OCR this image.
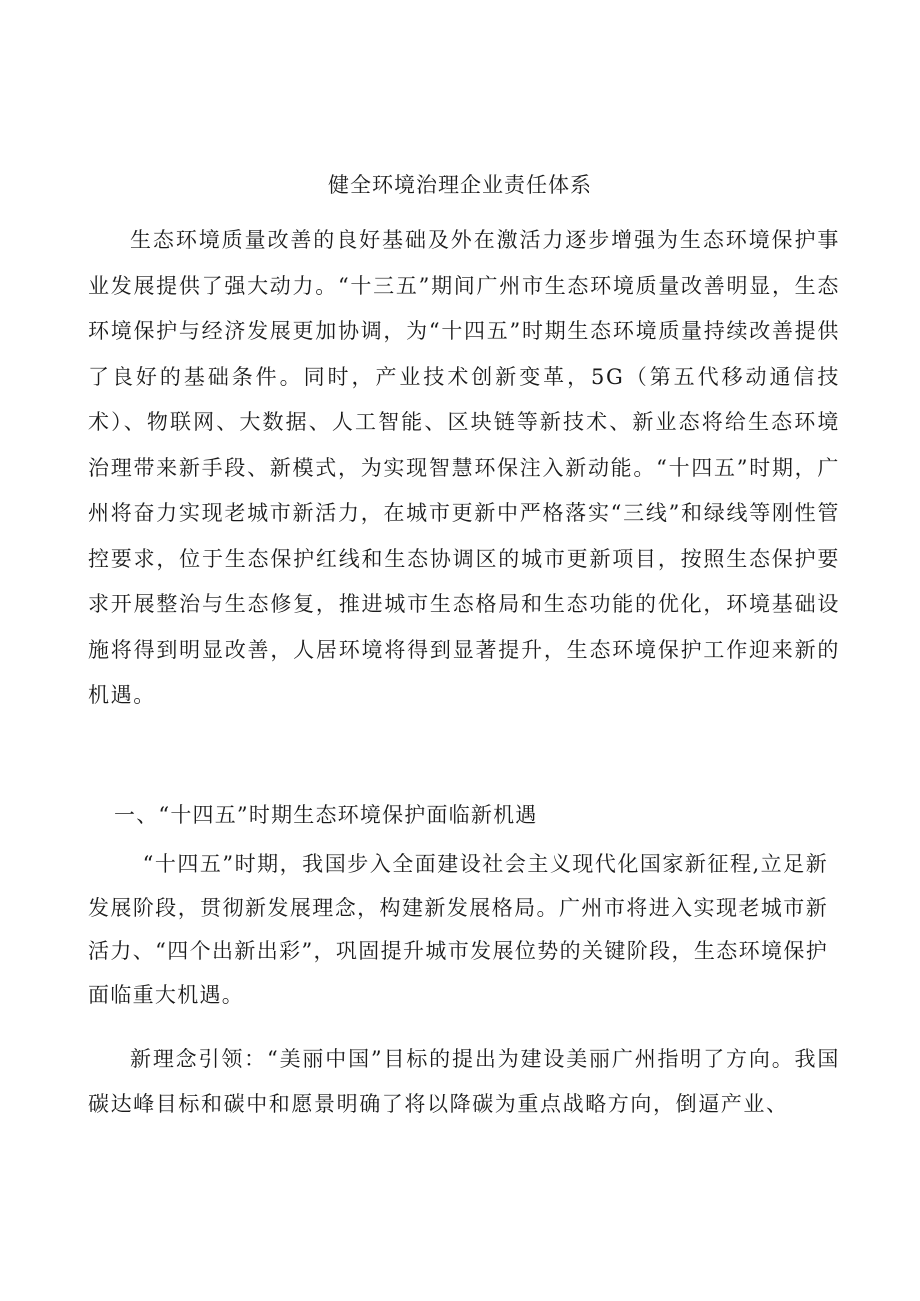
健全环境治理企业责任体系

生态环境质量改善的良好基础及外在激活力逐步增强为生态环境保护事业发展提供了强大动力。“十三五”期间广州市生态环境质量改善明显，生态环境保护与经济发展更加协调，为“十四五”时期生态环境质量持续改善提供了良好的基础条件。同时，产业技术创新变革，5G（第五代移动通信技术）、物联网、大数据、人工智能、区块链等新技术、新业态将给生态环境治理带来新手段、新模式，为实现智慧环保注入新动能。“十四五”时期，广州将奋力实现老城市新活力，在城市更新中严格落实“三线”和绿线等刚性管控要求，位于生态保护红线和生态协调区的城市更新项目，按照生态保护要求开展整治与生态修复，推进城市生态格局和生态功能的优化，环境基础设施将得到明显改善，人居环境将得到显著提升，生态环境保护工作迎来新的机遇。

一、“十四五”时期生态环境保护面临新机遇

“十四五”时期，我国步入全面建设社会主义现代化国家新征程,立足新发展阶段，贯彻新发展理念，构建新发展格局。广州市将进入实现老城市新活力、“四个出新出彩”，巩固提升城市发展位势的关键阶段，生态环境保护面临重大机遇。

新理念引领：“美丽中国”目标的提出为建设美丽广州指明了方向。我国碳达峰目标和碳中和愿景明确了将以降碳为重点战略方向，倒逼产业、
